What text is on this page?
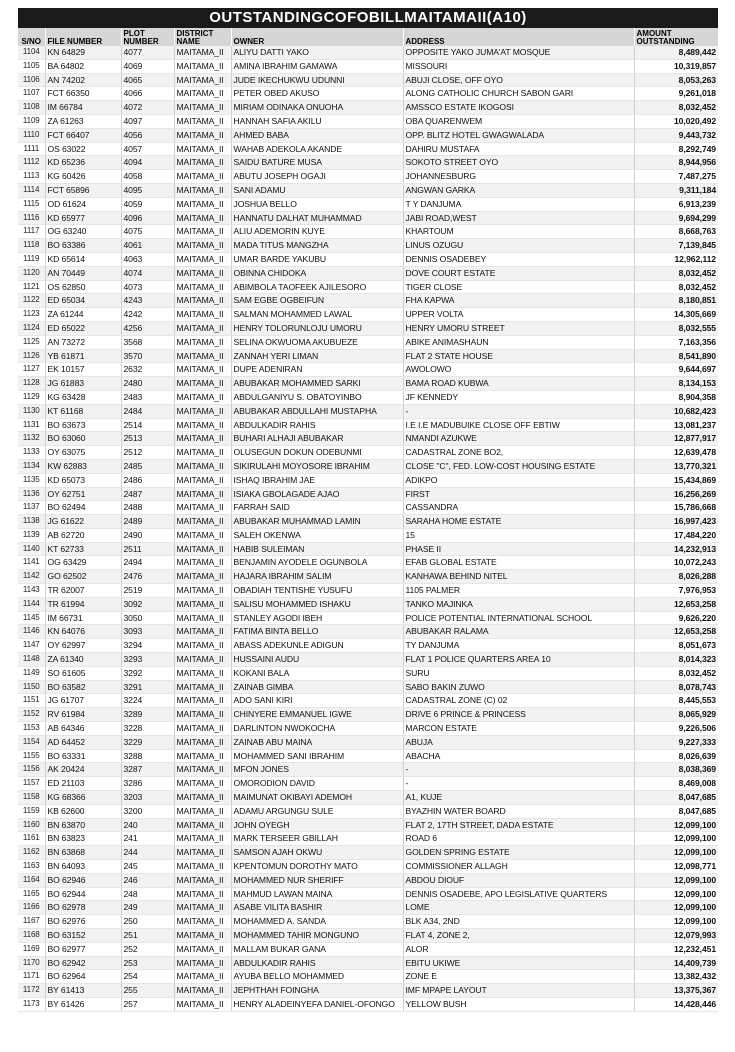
OUTSTANDINGCOFOBILLMAITAMAII(A10)
S/NO	FILE NUMBER	PLOT
NUMBER	DISTRICT
NAME	OWNER	ADDRESS	AMOUNT
OUTSTANDING
1104	KN 64829	4077	MAITAMA_II	ALIYU DATTI YAKO	OPPOSITE YAKO JUMA'AT MOSQUE	8,489,442
1105	BA 64802	4069	MAITAMA_II	AMINA IBRAHIM GAMAWA	MISSOURI	10,319,857
1106	AN 74202	4065	MAITAMA_II	JUDE IKECHUKWU UDUNNI	ABUJI CLOSE, OFF OYO	8,053,263
1107	FCT 66350	4066	MAITAMA_II	PETER OBED AKUSO	ALONG CATHOLIC CHURCH SABON GARI	9,261,018
1108	IM 66784	4072	MAITAMA_II	MIRIAM ODINAKA ONUOHA	AMSSCO ESTATE IKOGOSI	8,032,452
1109	ZA 61263	4097	MAITAMA_II	HANNAH SAFIA AKILU	OBA QUARENWEM	10,020,492
1110	FCT 66407	4056	MAITAMA_II	AHMED BABA	OPP. BLITZ HOTEL GWAGWALADA	9,443,732
1111	OS 63022	4057	MAITAMA_II	WAHAB ADEKOLA AKANDE	DAHIRU MUSTAFA	8,292,749
1112	KD 65236	4094	MAITAMA_II	SAIDU BATURE MUSA	SOKOTO STREET OYO	8,944,956
1113	KG 60426	4058	MAITAMA_II	ABUTU JOSEPH OGAJI	JOHANNESBURG	7,487,275
1114	FCT 65896	4095	MAITAMA_II	SANI ADAMU	ANGWAN GARKA	9,311,184
1115	OD 61624	4059	MAITAMA_II	JOSHUA BELLO	T Y DANJUMA	6,913,239
1116	KD 65977	4096	MAITAMA_II	HANNATU DALHAT MUHAMMAD	JABI ROAD,WEST	9,694,299
1117	OG 63240	4075	MAITAMA_II	ALIU ADEMORIN KUYE	KHARTOUM	8,668,763
1118	BO 63386	4061	MAITAMA_II	MADA TITUS MANGZHA	LINUS OZUGU	7,139,845
1119	KD 65614	4063	MAITAMA_II	UMAR BARDE YAKUBU	DENNIS OSADEBEY	12,962,112
1120	AN 70449	4074	MAITAMA_II	OBINNA CHIDOKA	DOVE COURT ESTATE	8,032,452
1121	OS 62850	4073	MAITAMA_II	ABIMBOLA TAOFEEK AJILESORO	TIGER CLOSE	8,032,452
1122	ED 65034	4243	MAITAMA_II	SAM EGBE OGBEIFUN	FHA KAPWA	8,180,851
1123	ZA 61244	4242	MAITAMA_II	SALMAN MOHAMMED LAWAL	UPPER VOLTA	14,305,669
1124	ED 65022	4256	MAITAMA_II	HENRY TOLORUNLOJU UMORU	HENRY UMORU STREET	8,032,555
1125	AN 73272	3568	MAITAMA_II	SELINA OKWUOMA AKUBUEZE	ABIKE ANIMASHAUN	7,163,356
1126	YB 61871	3570	MAITAMA_II	ZANNAH YERI LIMAN	FLAT 2 STATE HOUSE	8,541,890
1127	EK 10157	2632	MAITAMA_II	DUPE ADENIRAN	AWOLOWO	9,644,697
1128	JG 61883	2480	MAITAMA_II	ABUBAKAR MOHAMMED SARKI	BAMA ROAD KUBWA	8,134,153
1129	KG 63428	2483	MAITAMA_II	ABDULGANIYU S. OBATOYINBO	JF KENNEDY	8,904,358
1130	KT 61168	2484	MAITAMA_II	ABUBAKAR ABDULLAHI MUSTAPHA	-	10,682,423
1131	BO 63673	2514	MAITAMA_II	ABDULKADIR RAHIS	I.E I.E MADUBUIKE CLOSE OFF EBTIW	13,081,237
1132	BO 63060	2513	MAITAMA_II	BUHARI ALHAJI ABUBAKAR	NMANDI AZUKWE	12,877,917
1133	OY 63075	2512	MAITAMA_II	OLUSEGUN DOKUN ODEBUNMI	CADASTRAL ZONE BO2,	12,639,478
1134	KW 62883	2485	MAITAMA_II	SIKIRULAHI MOYOSORE IBRAHIM	CLOSE "C", FED. LOW-COST HOUSING ESTATE	13,770,321
1135	KD 65073	2486	MAITAMA_II	ISHAQ IBRAHIM JAE	ADIKPO	15,434,869
1136	OY 62751	2487	MAITAMA_II	ISIAKA GBOLAGADE AJAO	FIRST	16,256,269
1137	BO 62494	2488	MAITAMA_II	FARRAH SAID	CASSANDRA	15,786,668
1138	JG 61622	2489	MAITAMA_II	ABUBAKAR MUHAMMAD LAMIN	SARAHA HOME ESTATE	16,997,423
1139	AB 62720	2490	MAITAMA_II	SALEH OKENWA	15	17,484,220
1140	KT 62733	2511	MAITAMA_II	HABIB SULEIMAN	PHASE II	14,232,913
1141	OG 63429	2494	MAITAMA_II	BENJAMIN AYODELE OGUNBOLA	EFAB GLOBAL ESTATE	10,072,243
1142	GO 62502	2476	MAITAMA_II	HAJARA IBRAHIM SALIM	KANHAWA BEHIND NITEL	8,026,288
1143	TR 62007	2519	MAITAMA_II	OBADIAH TENTISHE YUSUFU	1105 PALMER	7,976,953
1144	TR 61994	3092	MAITAMA_II	SALISU MOHAMMED ISHAKU	TANKO MAJINKA	12,653,258
1145	IM 66731	3050	MAITAMA_II	STANLEY AGODI IBEH	POLICE POTENTIAL INTERNATIONAL SCHOOL	9,626,220
1146	KN 64076	3093	MAITAMA_II	FATIMA BINTA BELLO	ABUBAKAR RALAMA	12,653,258
1147	OY 62997	3294	MAITAMA_II	ABASS ADEKUNLE ADIGUN	TY DANJUMA	8,051,673
1148	ZA 61340	3293	MAITAMA_II	HUSSAINI AUDU	FLAT 1 POLICE QUARTERS AREA 10	8,014,323
1149	SO 61605	3292	MAITAMA_II	KOKANI BALA	SURU	8,032,452
1150	BO 63582	3291	MAITAMA_II	ZAINAB GIMBA	SABO BAKIN ZUWO	8,078,743
1151	JG 61707	3224	MAITAMA_II	ADO SANI KIRI	CADASTRAL ZONE (C) 02	8,445,553
1152	RV 61984	3289	MAITAMA_II	CHINYERE EMMANUEL IGWE	DRIVE 6 PRINCE & PRINCESS	8,065,929
1153	AB 64346	3228	MAITAMA_II	DARLINTON NWOKOCHA	MARCON ESTATE	9,226,506
1154	AD 64452	3229	MAITAMA_II	ZAINAB ABU MAINA	ABUJA	9,227,333
1155	BO 63331	3288	MAITAMA_II	MOHAMMED SANI IBRAHIM	ABACHA	8,026,639
1156	AK 20424	3287	MAITAMA_II	MFON JONES	-	8,038,369
1157	ED 21103	3286	MAITAMA_II	OMORODION DAVID	-	8,469,008
1158	KG 68366	3203	MAITAMA_II	MAIMUNAT OKIBAYI ADEMOH	A1, KUJE	8,047,685
1159	KB 62600	3200	MAITAMA_II	ADAMU ARGUNGU SULE	BYAZHIN WATER BOARD	8,047,685
1160	BN 63870	240	MAITAMA_II	JOHN OYEGH	FLAT 2, 17TH STREET, DADA ESTATE	12,099,100
1161	BN 63823	241	MAITAMA_II	MARK TERSEER GBILLAH	ROAD 6	12,099,100
1162	BN 63868	244	MAITAMA_II	SAMSON AJAH OKWU	GOLDEN SPRING ESTATE	12,099,100
1163	BN 64093	245	MAITAMA_II	KPENTOMUN DOROTHY MATO	COMMISSIONER ALLAGH	12,098,771
1164	BO 62946	246	MAITAMA_II	MOHAMMED NUR SHERIFF	ABDOU DIOUF	12,099,100
1165	BO 62944	248	MAITAMA_II	MAHMUD LAWAN MAINA	DENNIS OSADEBE, APO LEGISLATIVE QUARTERS	12,099,100
1166	BO 62978	249	MAITAMA_II	ASABE VILITA BASHIR	LOME	12,099,100
1167	BO 62976	250	MAITAMA_II	MOHAMMED A. SANDA	BLK A34, 2ND	12,099,100
1168	BO 63152	251	MAITAMA_II	MOHAMMED TAHIR MONGUNO	FLAT 4, ZONE 2,	12,079,993
1169	BO 62977	252	MAITAMA_II	MALLAM BUKAR GANA	ALOR	12,232,451
1170	BO 62942	253	MAITAMA_II	ABDULKADIR RAHIS	EBITU UKIWE	14,409,739
1171	BO 62964	254	MAITAMA_II	AYUBA BELLO MOHAMMED	ZONE E	13,382,432
1172	BY 61413	255	MAITAMA_II	JEPHTHAH FOINGHA	IMF MPAPE LAYOUT	13,375,367
1173	BY 61426	257	MAITAMA_II	HENRY ALADEINYEFA DANIEL-OFONGO	YELLOW BUSH	14,428,446
